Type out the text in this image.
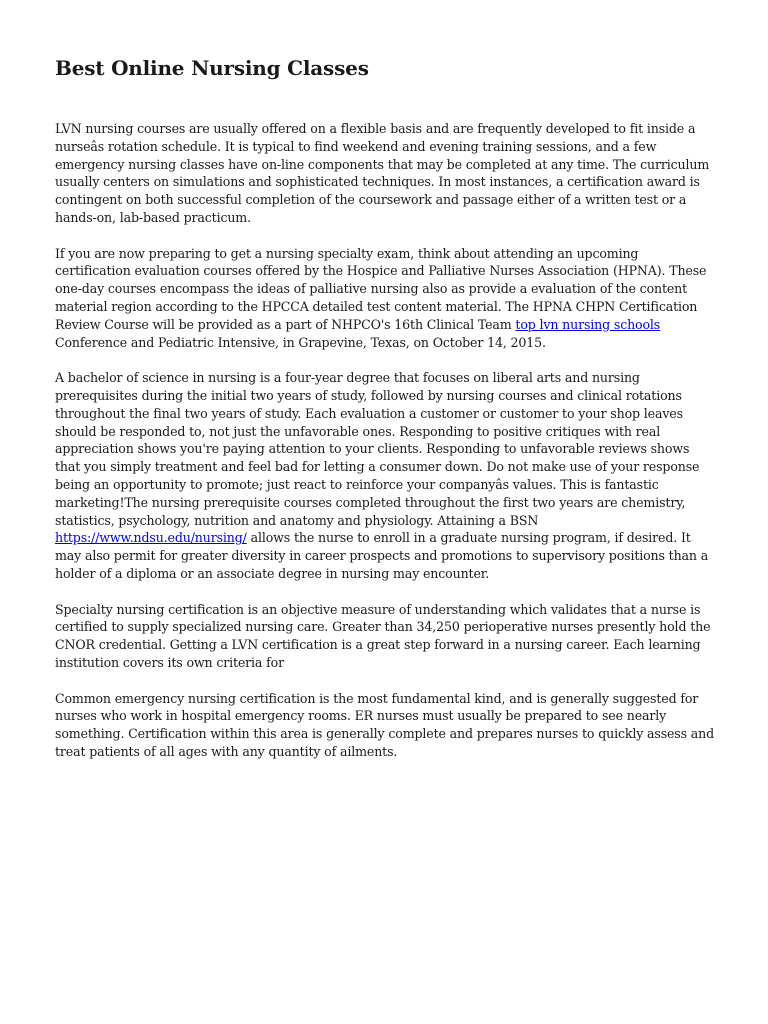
Best Online Nursing Classes

LVN nursing courses are usually offered on a flexible basis and are frequently developed to fit inside a nurseâs rotation schedule. It is typical to find weekend and evening training sessions, and a few emergency nursing classes have on-line components that may be completed at any time. The curriculum usually centers on simulations and sophisticated techniques. In most instances, a certification award is contingent on both successful completion of the coursework and passage either of a written test or a hands-on, lab-based practicum.

If you are now preparing to get a nursing specialty exam, think about attending an upcoming certification evaluation courses offered by the Hospice and Palliative Nurses Association (HPNA). These one-day courses encompass the ideas of palliative nursing also as provide a evaluation of the content material region according to the HPCCA detailed test content material. The HPNA CHPN Certification Review Course will be provided as a part of NHPCO's 16th Clinical Team top lvn nursing schools Conference and Pediatric Intensive, in Grapevine, Texas, on October 14, 2015.

A bachelor of science in nursing is a four-year degree that focuses on liberal arts and nursing prerequisites during the initial two years of study, followed by nursing courses and clinical rotations throughout the final two years of study. Each evaluation a customer or customer to your shop leaves should be responded to, not just the unfavorable ones. Responding to positive critiques with real appreciation shows you're paying attention to your clients. Responding to unfavorable reviews shows that you simply treatment and feel bad for letting a consumer down. Do not make use of your response being an opportunity to promote; just react to reinforce your companyâs values. This is fantastic marketing!The nursing prerequisite courses completed throughout the first two years are chemistry, statistics, psychology, nutrition and anatomy and physiology. Attaining a BSN https://www.ndsu.edu/nursing/ allows the nurse to enroll in a graduate nursing program, if desired. It may also permit for greater diversity in career prospects and promotions to supervisory positions than a holder of a diploma or an associate degree in nursing may encounter.

Specialty nursing certification is an objective measure of understanding which validates that a nurse is certified to supply specialized nursing care. Greater than 34,250 perioperative nurses presently hold the CNOR credential. Getting a LVN certification is a great step forward in a nursing career. Each learning institution covers its own criteria for

Common emergency nursing certification is the most fundamental kind, and is generally suggested for nurses who work in hospital emergency rooms. ER nurses must usually be prepared to see nearly something. Certification within this area is generally complete and prepares nurses to quickly assess and treat patients of all ages with any quantity of ailments.
